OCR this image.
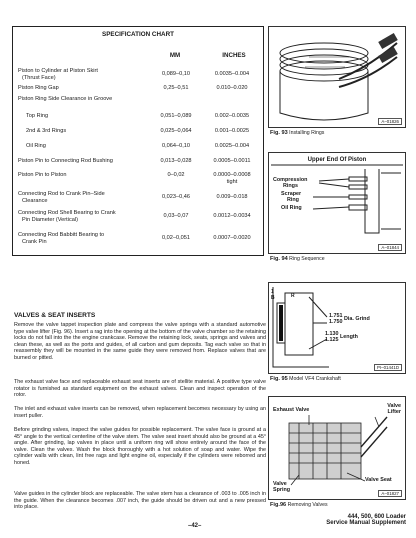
SPECIFICATION CHART
MM	INCHES
Piston to Cylinder at Piston Skirt
(Thrust Face)
0,089–0,10	0.0035–0.004
Piston Ring Gap	0,25–0,51	0.010–0.020
Piston Ring Side Clearance in Groove
Top Ring	0,051–0,089	0.002–0.0035
2nd & 3rd Rings	0,025–0,064	0.001–0.0025
Oil Ring	0,064–0,10	0.0025–0.004
Piston Pin to Connecting Rod Bushing	0,013–0,028	0.0005–0.0011
Piston Pin to Piston	0–0,02	0.0000–0.0008
tight
Connecting Rod to Crank Pin–Side
Clearance
0,023–0,46	0.009–0.018
Connecting Rod Shell Bearing to Crank
Pin Diameter (Vertical)
0,03–0,07	0.0012–0.0034
Connecting Rod Babbitt Bearing to
Crank Pin
0,02–0,051	0.0007–0.0020
A–01826
Fig. 93 Installing Rings
Upper End Of Piston
Compression
Rings
Scraper
Ring
Oil Ring
A–01844
Fig. 94 Ring Sequence
1
B	R
1.751
1.750 Dia. Grind
1.130
1.125 Length
PI–01441D
Fig. 95 Model VF4 Crankshaft
Exhaust Valve
Valve
Lifter
Valve
Spring
Valve Seat
A–01827
Fig.96 Removing Valves
VALVES & SEAT INSERTS
Remove the valve tappet inspection plate and compress the valve springs with a standard automotive type valve lifter (Fig. 96). Insert a rag into the opening at the bottom of the valve chamber so the retaining locks do not fall into the the engine crankcase. Remove the retaining lock, seats, springs and valves and clean these, as well as the ports and guides, of all carbon and gum deposits. Tag each valve so that in reassembly they will be mounted in the same guide they were removed from. Replace valves that are burned or pitted.
The exhaust valve face and replaceable exhaust seat inserts are of stellite material. A positive type valve rotator is furnished as standard equipment on the exhaust valves. Clean and inspect operation of the rotor.
The inlet and exhaust valve inserts can be removed, when replacement becomes necessary by using an insert puller.
Before grinding valves, inspect the valve guides for possible replacement. The valve face is ground at a 45° angle to the vertical centerline of the valve stem. The valve seat insert should also be ground at a 45° angle. After grinding, lap valves in place until a uniform ring will show entirely around the face of the valve. Clean the valves. Wash the block thoroughly with a hot solution of soap and water. Wipe the cylinder walls with clean, lint free rags and light engine oil, especially if the cylinders were reborred and honed.
Valve guides in the cylinder block are replaceable. The valve stem has a clearance of .003 to .005 inch in the guide. When the clearance becomes .007 inch, the guide should be driven out and a new pressed into place.
–42–
444, 500, 600 Loader
Service Manual Supplement
